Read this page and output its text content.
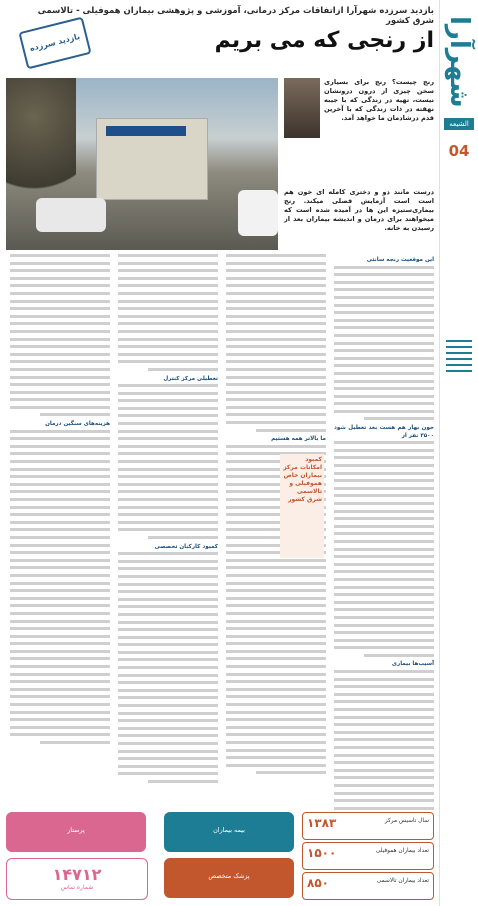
شهرآرا
الشیعه
04
بازدید سرزده شهرآرا ازاتفاقات مرکز درمانی، آموزشی و پژوهشی بیماران هموفیلی - تالاسمی شرق کشور
بازدید سرزده	از رنجی که می بریم
رنج چیست؟ رنج برای بسیاری سخن چیزی از درون درونشان نیست، تهیه در زندگی که با جیبه نهفته در ذات زندگی که با آخرین قدم درشادمان ما خواهد آمد.
درست مانند دو و دختری کامله ای خون هم است است آزمایش فصلی میکند. رنج بیماری‌ستیزه این ها در آمیده شده است که میخواهند برای درمان و اندیشه بیماران بعد از رسیدن به خانه.
این موقعیت رنجه سانتی
خون بهار هم هست بعد تعطیل شود ۳۵۰۰ نفر از
آسیب‌ها بیماری
ما بالاتر همه هستیم
کمبود امکانات مرکز بیماران خاص هموفیلی و تالاسمی شرق کشور
تعطیلی مرکز کنترل
کمبود کارکنان تخصصی
هزینه‌های سنگین درمان
۱۳۸۳	سال تاسیس مرکز
۱۵۰۰	تعداد بیماران هموفیلی
۸۵۰	تعداد بیماران تالاسمی
بیمه بیماران
پزشک متخصص
پرستار
۱۴۷۱۲
شماره تماس
